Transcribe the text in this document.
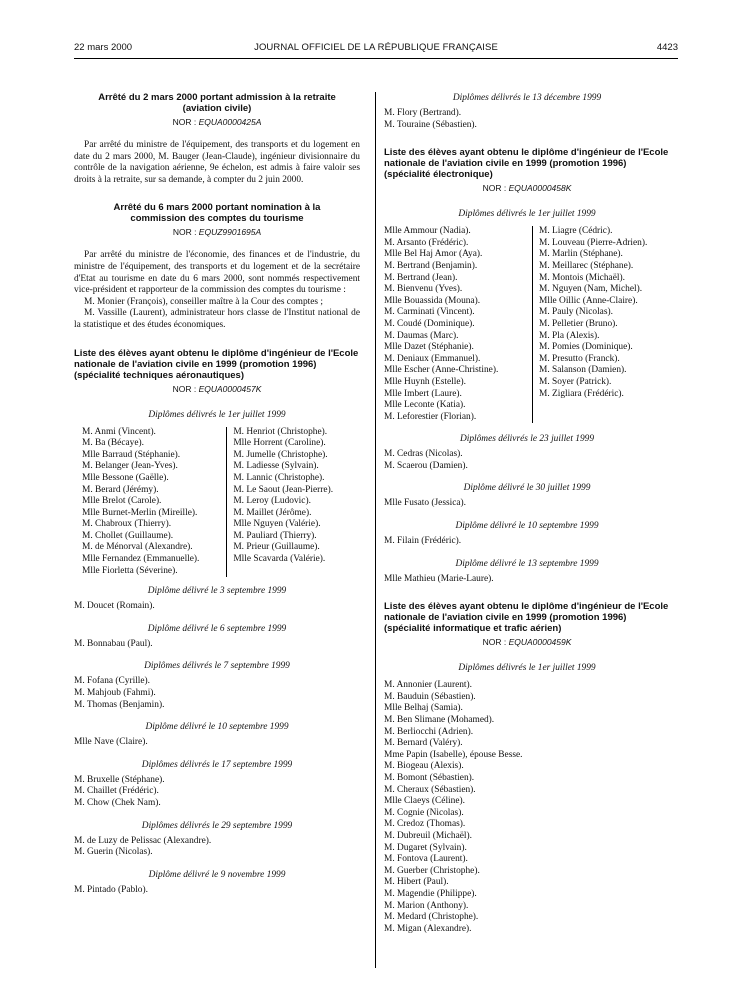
22 mars 2000	JOURNAL OFFICIEL DE LA RÉPUBLIQUE FRANÇAISE	4423
Arrêté du 2 mars 2000 portant admission à la retraite (aviation civile)
NOR : EQUA0000425A

Par arrêté du ministre de l'équipement, des transports et du logement en date du 2 mars 2000, M. Bauger (Jean-Claude), ingénieur divisionnaire du contrôle de la navigation aérienne, 9e échelon, est admis à faire valoir ses droits à la retraite, sur sa demande, à compter du 2 juin 2000.

Arrêté du 6 mars 2000 portant nomination à la commission des comptes du tourisme
NOR : EQUZ9901695A

Par arrêté du ministre de l'économie, des finances et de l'industrie, du ministre de l'équipement, des transports et du logement et de la secrétaire d'Etat au tourisme en date du 6 mars 2000, sont nommés respectivement vice-président et rapporteur de la commission des comptes du tourisme :

M. Monier (François), conseiller maître à la Cour des comptes ;

M. Vassille (Laurent), administrateur hors classe de l'Institut national de la statistique et des études économiques.

Liste des élèves ayant obtenu le diplôme d'ingénieur de l'Ecole nationale de l'aviation civile en 1999 (promotion 1996) (spécialité techniques aéronautiques)
NOR : EQUA0000457K
Diplômes délivrés le 1er juillet 1999
M. Anmi (Vincent).
M. Ba (Bécaye).
Mlle Barraud (Stéphanie).
M. Belanger (Jean-Yves).
Mlle Bessone (Gaëlle).
M. Berard (Jérémy).
Mlle Brelot (Carole).
Mlle Burnet-Merlin (Mireille).
M. Chabroux (Thierry).
M. Chollet (Guillaume).
M. de Ménorval (Alexandre).
Mlle Fernandez (Emmanuelle).
Mlle Fiorletta (Séverine).
M. Henriot (Christophe).
Mlle Horrent (Caroline).
M. Jumelle (Christophe).
M. Ladiesse (Sylvain).
M. Lannic (Christophe).
M. Le Saout (Jean-Pierre).
M. Leroy (Ludovic).
M. Maillet (Jérôme).
Mlle Nguyen (Valérie).
M. Pauliard (Thierry).
M. Prieur (Guillaume).
Mlle Scavarda (Valérie).
Diplôme délivré le 3 septembre 1999
M. Doucet (Romain).
Diplôme délivré le 6 septembre 1999
M. Bonnabau (Paul).
Diplômes délivrés le 7 septembre 1999
M. Fofana (Cyrille).
M. Mahjoub (Fahmi).
M. Thomas (Benjamin).
Diplôme délivré le 10 septembre 1999
Mlle Nave (Claire).
Diplômes délivrés le 17 septembre 1999
M. Bruxelle (Stéphane).
M. Chaillet (Frédéric).
M. Chow (Chek Nam).
Diplômes délivrés le 29 septembre 1999
M. de Luzy de Pelissac (Alexandre).
M. Guerin (Nicolas).
Diplôme délivré le 9 novembre 1999
M. Pintado (Pablo).
Diplômes délivrés le 13 décembre 1999
M. Flory (Bertrand).
M. Touraine (Sébastien).
Liste des élèves ayant obtenu le diplôme d'ingénieur de l'Ecole nationale de l'aviation civile en 1999 (promotion 1996) (spécialité électronique)
NOR : EQUA0000458K
Diplômes délivrés le 1er juillet 1999
Mlle Ammour (Nadia).
M. Arsanto (Frédéric).
Mlle Bel Haj Amor (Aya).
M. Bertrand (Benjamin).
M. Bertrand (Jean).
M. Bienvenu (Yves).
Mlle Bouassida (Mouna).
M. Carminati (Vincent).
M. Coudé (Dominique).
M. Daumas (Marc).
Mlle Dazet (Stéphanie).
M. Deniaux (Emmanuel).
Mlle Escher (Anne-Christine).
Mlle Huynh (Estelle).
Mlle Imbert (Laure).
Mlle Leconte (Katia).
M. Leforestier (Florian).
M. Liagre (Cédric).
M. Louveau (Pierre-Adrien).
M. Marlin (Stéphane).
M. Meillarec (Stéphane).
M. Montois (Michaël).
M. Nguyen (Nam, Michel).
Mlle Oillic (Anne-Claire).
M. Pauly (Nicolas).
M. Pelletier (Bruno).
M. Pla (Alexis).
M. Pomies (Dominique).
M. Presutto (Franck).
M. Salanson (Damien).
M. Soyer (Patrick).
M. Zigliara (Frédéric).
Diplômes délivrés le 23 juillet 1999
M. Cedras (Nicolas).
M. Scaerou (Damien).
Diplôme délivré le 30 juillet 1999
Mlle Fusato (Jessica).
Diplôme délivré le 10 septembre 1999
M. Filain (Frédéric).
Diplôme délivré le 13 septembre 1999
Mlle Mathieu (Marie-Laure).
Liste des élèves ayant obtenu le diplôme d'ingénieur de l'Ecole nationale de l'aviation civile en 1999 (promotion 1996) (spécialité informatique et trafic aérien)
NOR : EQUA0000459K
Diplômes délivrés le 1er juillet 1999
M. Annonier (Laurent).
M. Bauduin (Sébastien).
Mlle Belhaj (Samia).
M. Ben Slimane (Mohamed).
M. Berliocchi (Adrien).
M. Bernard (Valéry).
Mme Papin (Isabelle), épouse Besse.
M. Biogeau (Alexis).
M. Bomont (Sébastien).
M. Cheraux (Sébastien).
Mlle Claeys (Céline).
M. Cognie (Nicolas).
M. Credoz (Thomas).
M. Dubreuil (Michaël).
M. Dugaret (Sylvain).
M. Fontova (Laurent).
M. Guerber (Christophe).
M. Hibert (Paul).
M. Magendie (Philippe).
M. Marion (Anthony).
M. Medard (Christophe).
M. Migan (Alexandre).
